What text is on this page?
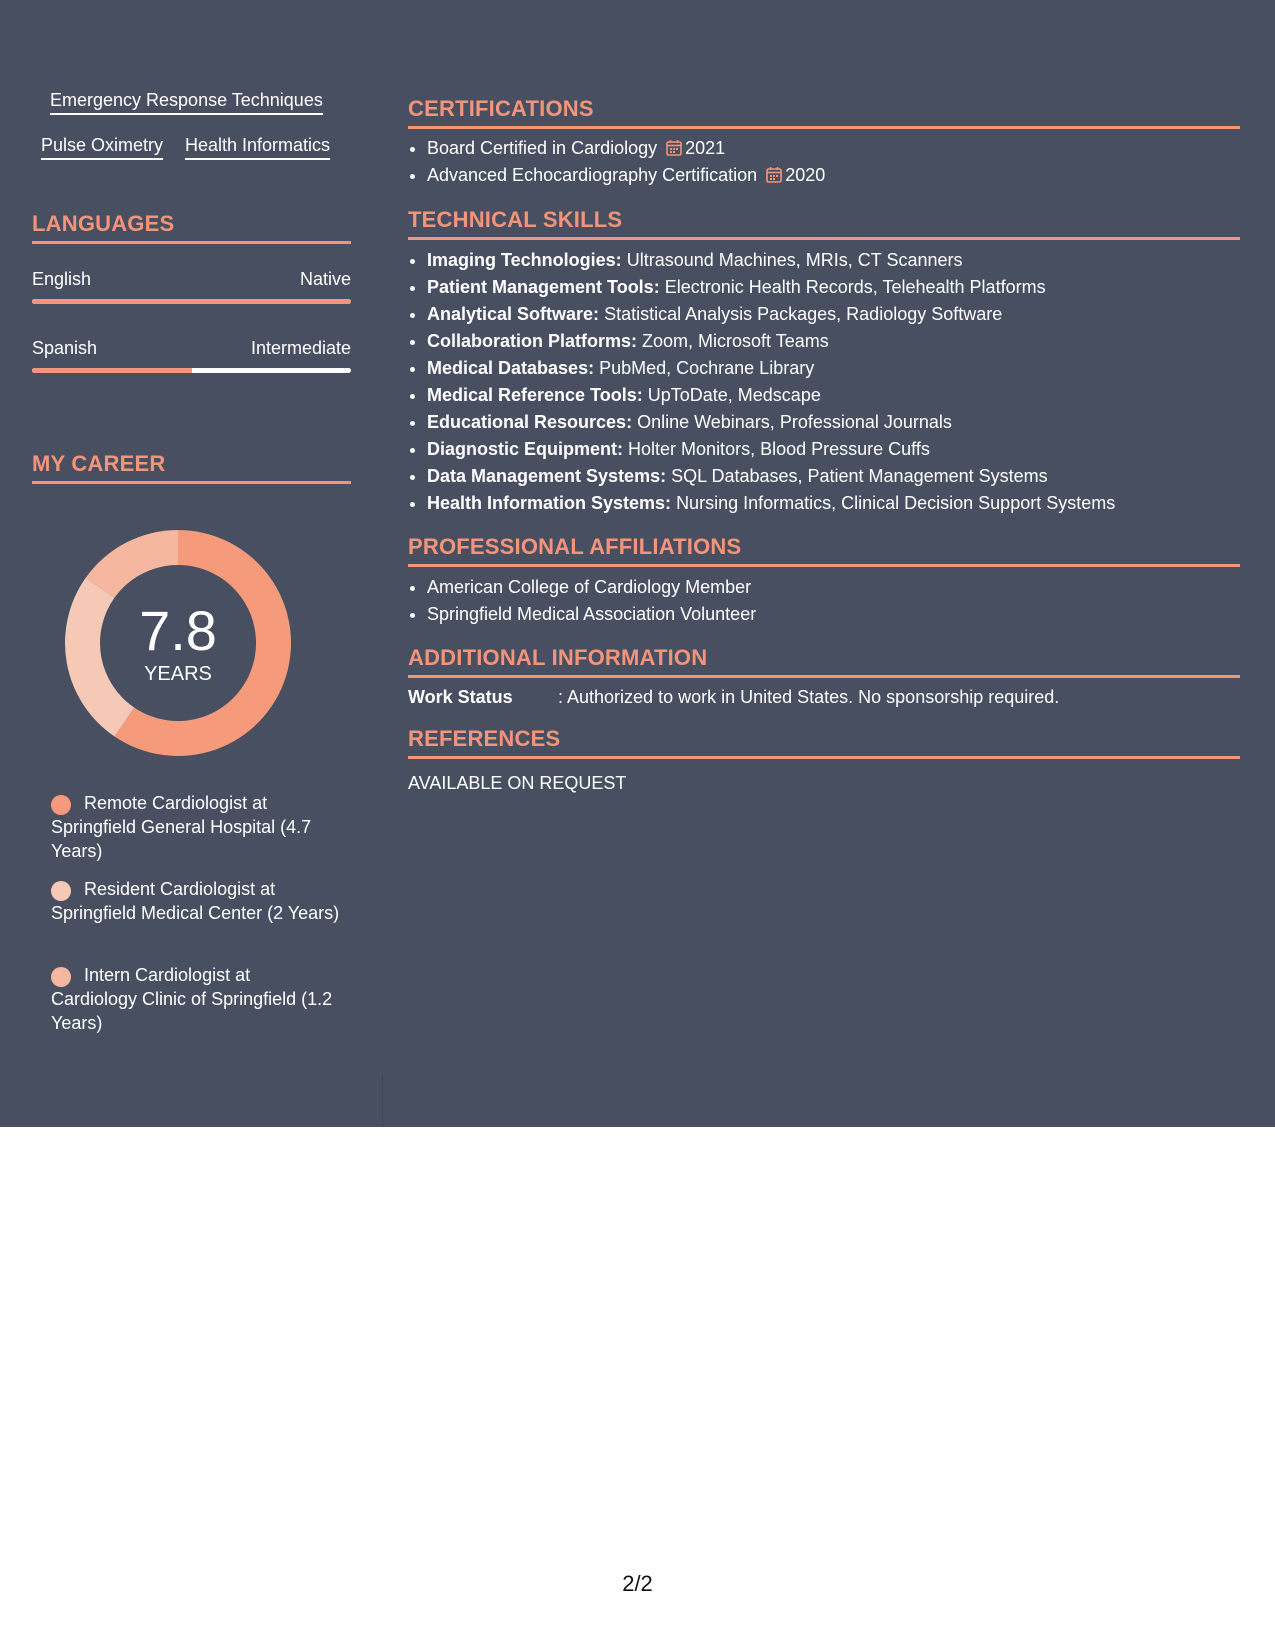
Emergency Response Techniques
Pulse Oximetry Health Informatics
LANGUAGES
English	Native
Spanish	Intermediate
MY CAREER
7.8
YEARS
Remote Cardiologist at Springfield General Hospital (4.7 Years)
Resident Cardiologist at Springfield Medical Center (2 Years)
Intern Cardiologist at Cardiology Clinic of Springfield (1.2 Years)
CERTIFICATIONS
• Board Certified in Cardiology 2021
• Advanced Echocardiography Certification 2020
TECHNICAL SKILLS
• Imaging Technologies: Ultrasound Machines, MRIs, CT Scanners
• Patient Management Tools: Electronic Health Records, Telehealth Platforms
• Analytical Software: Statistical Analysis Packages, Radiology Software
• Collaboration Platforms: Zoom, Microsoft Teams
• Medical Databases: PubMed, Cochrane Library
• Medical Reference Tools: UpToDate, Medscape
• Educational Resources: Online Webinars, Professional Journals
• Diagnostic Equipment: Holter Monitors, Blood Pressure Cuffs
• Data Management Systems: SQL Databases, Patient Management Systems
• Health Information Systems: Nursing Informatics, Clinical Decision Support Systems
PROFESSIONAL AFFILIATIONS
• American College of Cardiology Member
• Springfield Medical Association Volunteer
ADDITIONAL INFORMATION
Work Status	: Authorized to work in United States. No sponsorship required.
REFERENCES
AVAILABLE ON REQUEST
2/2
